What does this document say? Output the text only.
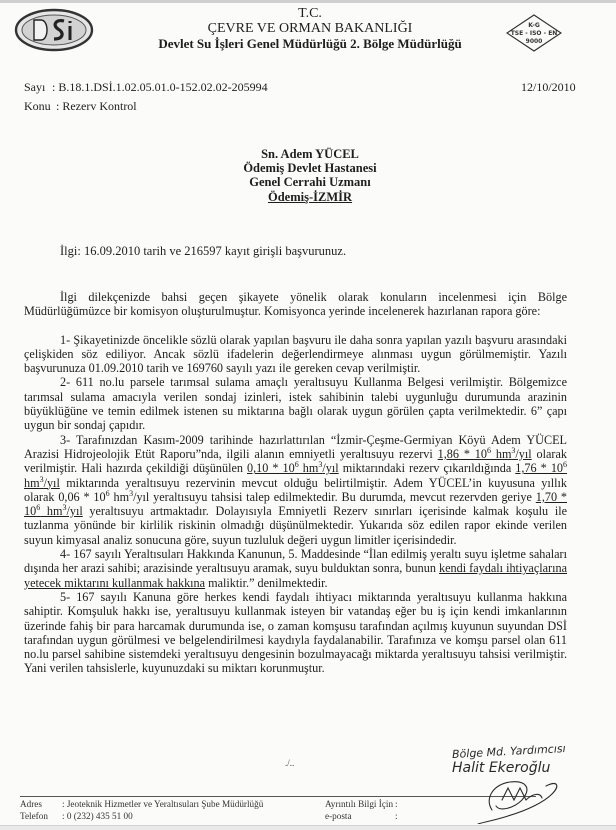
K-G
TSE - ISO - EN
9000
T.C.
ÇEVRE VE ORMAN BAKANLIĞI
Devlet Su İşleri Genel Müdürlüğü 2. Bölge Müdürlüğü
Sayı : B.18.1.DSİ.1.02.05.01.0-152.02.02-205994	12/10/2010
Konu : Rezerv Kontrol
Sn. Adem YÜCEL
Ödemiş Devlet Hastanesi
Genel Cerrahi Uzmanı
Ödemiş-İZMİR
İlgi: 16.09.2010 tarih ve 216597 kayıt girişli başvurunuz.

İlgi dilekçenizde bahsi geçen şikayete yönelik olarak konuların incelenmesi için Bölge Müdürlüğümüzce bir komisyon oluşturulmuştur. Komisyonca yerinde incelenerek hazırlanan rapora göre:

1- Şikayetinizde öncelikle sözlü olarak yapılan başvuru ile daha sonra yapılan yazılı başvuru arasındaki çelişkiden söz ediliyor. Ancak sözlü ifadelerin değerlendirmeye alınması uygun görülmemiştir. Yazılı başvurunuza 01.09.2010 tarih ve 169760 sayılı yazı ile gereken cevap verilmiştir.

2- 611 no.lu parsele tarımsal sulama amaçlı yeraltısuyu Kullanma Belgesi verilmiştir. Bölgemizce tarımsal sulama amacıyla verilen sondaj izinleri, istek sahibinin talebi uygunluğu durumunda arazinin büyüklüğüne ve temin edilmek istenen su miktarına bağlı olarak uygun görülen çapta verilmektedir. 6” çapı uygun bir sondaj çapıdır.

3- Tarafınızdan Kasım-2009 tarihinde hazırlattırılan “İzmir-Çeşme-Germiyan Köyü Adem YÜCEL Arazisi Hidrojeolojik Etüt Raporu”nda, ilgili alanın emniyetli yeraltısuyu rezervi $1,86 * 10^6$ $hm^3$/yıl olarak verilmiştir. Hali hazırda çekildiği düşünülen $0,10 * 10^6$ $hm^3$/yıl miktarındaki rezerv çıkarıldığında $1,76 * 10^6$ $hm^3$/yıl miktarında yeraltısuyu rezervinin mevcut olduğu belirtilmiştir. Adem YÜCEL’in kuyusuna yıllık olarak $0,06 * 10^6$ $hm^3$/yıl yeraltısuyu tahsisi talep edilmektedir. Bu durumda, mevcut rezervden geriye $1,70 * 10^6$ $hm^3$/yıl yeraltısuyu artmaktadır. Dolayısıyla Emniyetli Rezerv sınırları içerisinde kalmak koşulu ile tuzlanma yönünde bir kirlilik riskinin olmadığı düşünülmektedir. Yukarıda söz edilen rapor ekinde verilen suyun kimyasal analiz sonucuna göre, suyun tuzluluk değeri uygun limitler içerisindedir.

4- 167 sayılı Yeraltısuları Hakkında Kanunun, 5. Maddesinde “İlan edilmiş yeraltı suyu işletme sahaları dışında her arazi sahibi; arazisinde yeraltısuyu aramak, suyu bulduktan sonra, bunun kendi faydalı ihtiyaçlarına yetecek miktarını kullanmak hakkına maliktir.” denilmektedir.

5- 167 sayılı Kanuna göre herkes kendi faydalı ihtiyacı miktarında yeraltısuyu kullanma hakkına sahiptir. Komşuluk hakkı ise, yeraltısuyu kullanmak isteyen bir vatandaş eğer bu iş için kendi imkanlarının üzerinde fahiş bir para harcamak durumunda ise, o zaman komşusu tarafından açılmış kuyunun suyundan DSİ tarafından uygun görülmesi ve belgelendirilmesi kaydıyla faydalanabilir. Tarafınıza ve komşu parsel olan 611 no.lu parsel sahibine sistemdeki yeraltısuyu dengesinin bozulmayacağı miktarda yeraltısuyu tahsisi verilmiştir. Yani verilen tahsislerle, kuyunuzdaki su miktarı korunmuştur.

./..
Bölge Md. Yardımcısı
Halit Ekeroğlu
Adres : Jeoteknik Hizmetler ve Yeraltısuları Şube Müdürlüğü
Telefon : 0 (232) 435 51 00
Ayrıntılı Bilgi İçin :
e-posta	:
